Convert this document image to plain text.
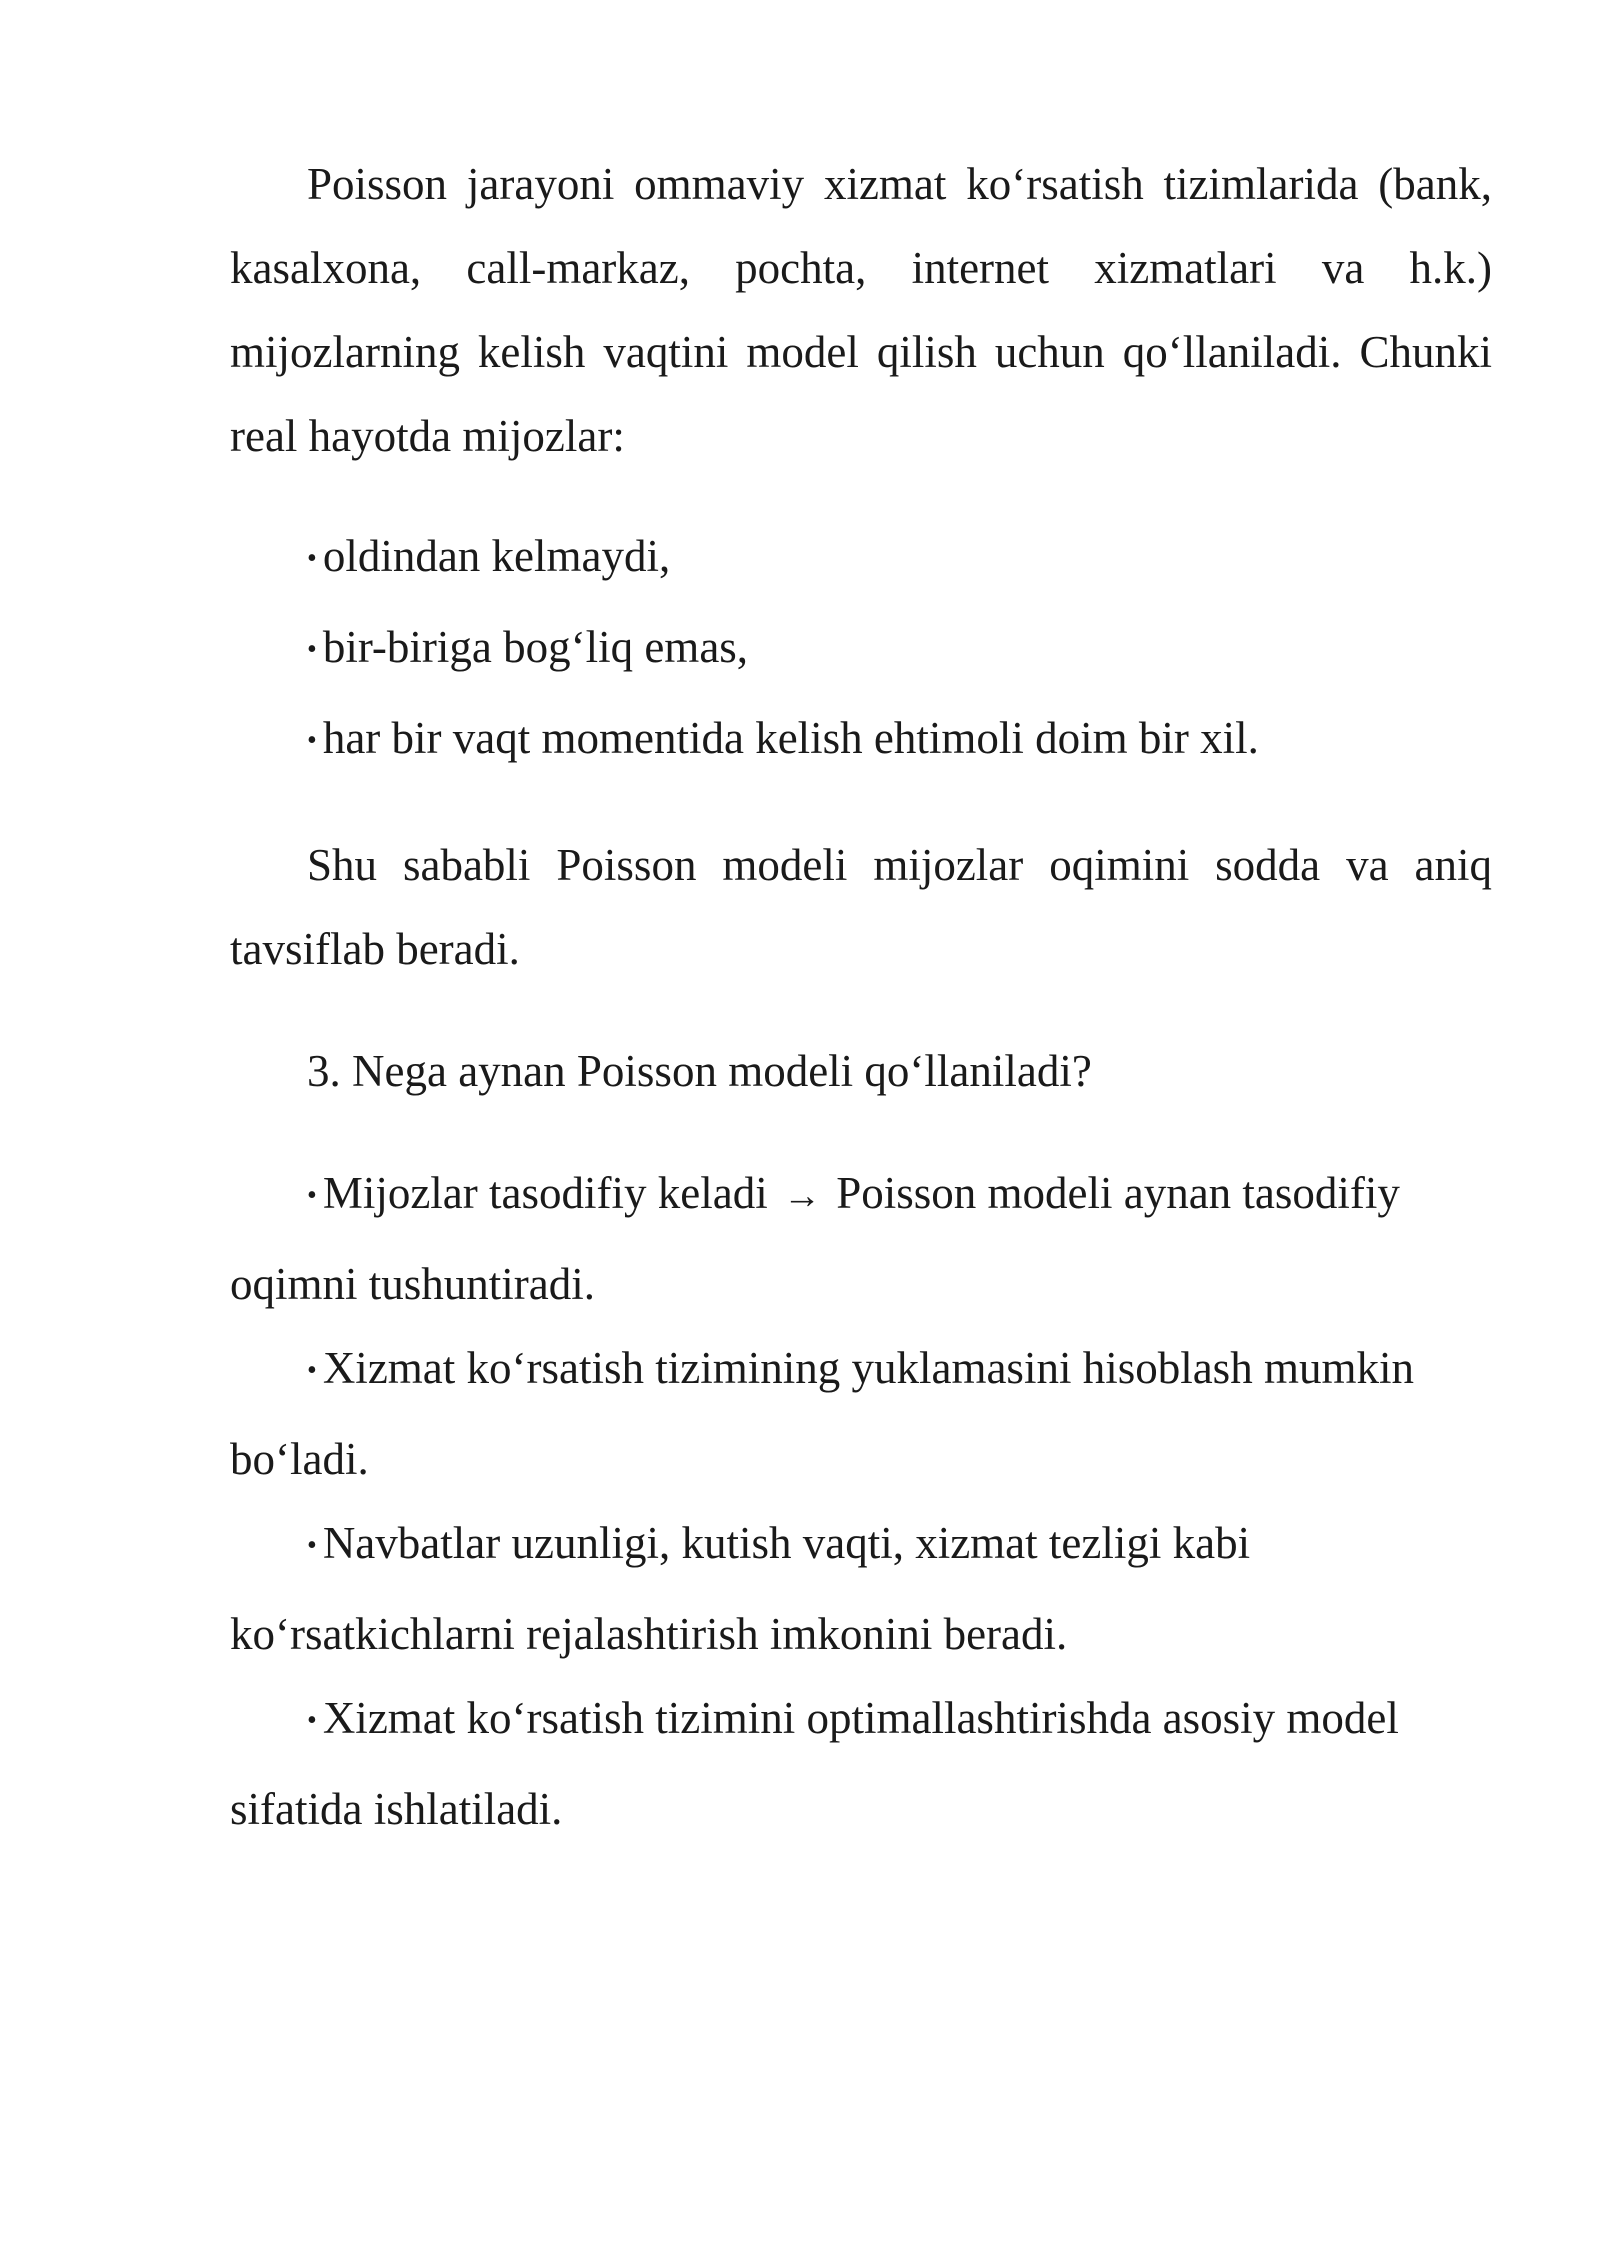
Poisson jarayoni ommaviy xizmat ko‘rsatish tizimlarida (bank, kasalxona, call-markaz, pochta, internet xizmatlari va h.k.) mijozlarning kelish vaqtini model qilish uchun qo‘llaniladi. Chunki real hayotda mijozlar:

• oldindan kelmaydi,
• bir-biriga bog‘liq emas,
• har bir vaqt momentida kelish ehtimoli doim bir xil.

Shu sababli Poisson modeli mijozlar oqimini sodda va aniq tavsiflab beradi.

3. Nega aynan Poisson modeli qo‘llaniladi?

• Mijozlar tasodifiy keladi → Poisson modeli aynan tasodifiy oqimni tushuntiradi.

• Xizmat ko‘rsatish tizimining yuklamasini hisoblash mumkin bo‘ladi.

• Navbatlar uzunligi, kutish vaqti, xizmat tezligi kabi ko‘rsatkichlarni rejalashtirish imkonini beradi.

• Xizmat ko‘rsatish tizimini optimallashtirishda asosiy model sifatida ishlatiladi.
